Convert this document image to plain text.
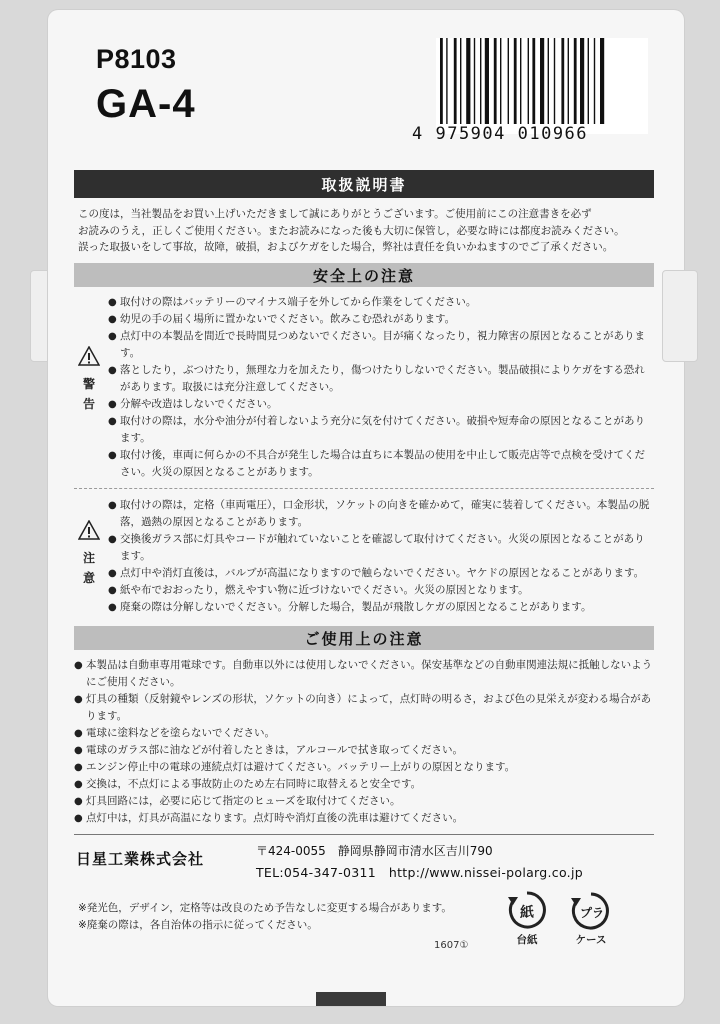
P8103
GA-4
4 975904 010966
取扱説明書
この度は，当社製品をお買い上げいただきまして誠にありがとうございます。ご使用前にこの注意書きを必ず
お読みのうえ，正しくご使用ください。またお読みになった後も大切に保管し，必要な時には都度お読みください。
誤った取扱いをして事故，故障，破損，およびケガをした場合，弊社は責任を負いかねますのでご了承ください。
安全上の注意
警
告
● 取付けの際はバッテリーのマイナス端子を外してから作業をしてください。
● 幼児の手の届く場所に置かないでください。飲みこむ恐れがあります。
● 点灯中の本製品を間近で長時間見つめないでください。目が痛くなったり，視力障害の原因となることがあります。
● 落としたり，ぶつけたり，無理な力を加えたり，傷つけたりしないでください。製品破損によりケガをする恐れがあります。取扱には充分注意してください。
● 分解や改造はしないでください。
● 取付けの際は，水分や油分が付着しないよう充分に気を付けてください。破損や短寿命の原因となることがあります。
● 取付け後，車両に何らかの不具合が発生した場合は直ちに本製品の使用を中止して販売店等で点検を受けてください。火災の原因となることがあります。
注
意
● 取付けの際は，定格（車両電圧），口金形状，ソケットの向きを確かめて，確実に装着してください。本製品の脱落，過熱の原因となることがあります。
● 交換後ガラス部に灯具やコードが触れていないことを確認して取付けてください。火災の原因となることがあります。
● 点灯中や消灯直後は，バルブが高温になりますので触らないでください。ヤケドの原因となることがあります。
● 紙や布でおおったり，燃えやすい物に近づけないでください。火災の原因となります。
● 廃棄の際は分解しないでください。分解した場合，製品が飛散しケガの原因となることがあります。
ご使用上の注意
● 本製品は自動車専用電球です。自動車以外には使用しないでください。保安基準などの自動車関連法規に抵触しないようにご使用ください。
● 灯具の種類（反射鏡やレンズの形状，ソケットの向き）によって，点灯時の明るさ，および色の見栄えが変わる場合があります。
● 電球に塗料などを塗らないでください。
● 電球のガラス部に油などが付着したときは，アルコールで拭き取ってください。
● エンジン停止中の電球の連続点灯は避けてください。バッテリー上がりの原因となります。
● 交換は，不点灯による事故防止のため左右同時に取替えると安全です。
● 灯具回路には，必要に応じて指定のヒューズを取付けてください。
● 点灯中は，灯具が高温になります。点灯時や消灯直後の洗車は避けてください。
日星工業株式会社	〒424-0055　静岡県静岡市清水区吉川790
TEL:054-347-0311　http://www.nissei-polarg.co.jp
※発光色，デザイン，定格等は改良のため予告なしに変更する場合があります。
※廃棄の際は，各自治体の指示に従ってください。
1607①
紙
台紙
プラ
ケース
